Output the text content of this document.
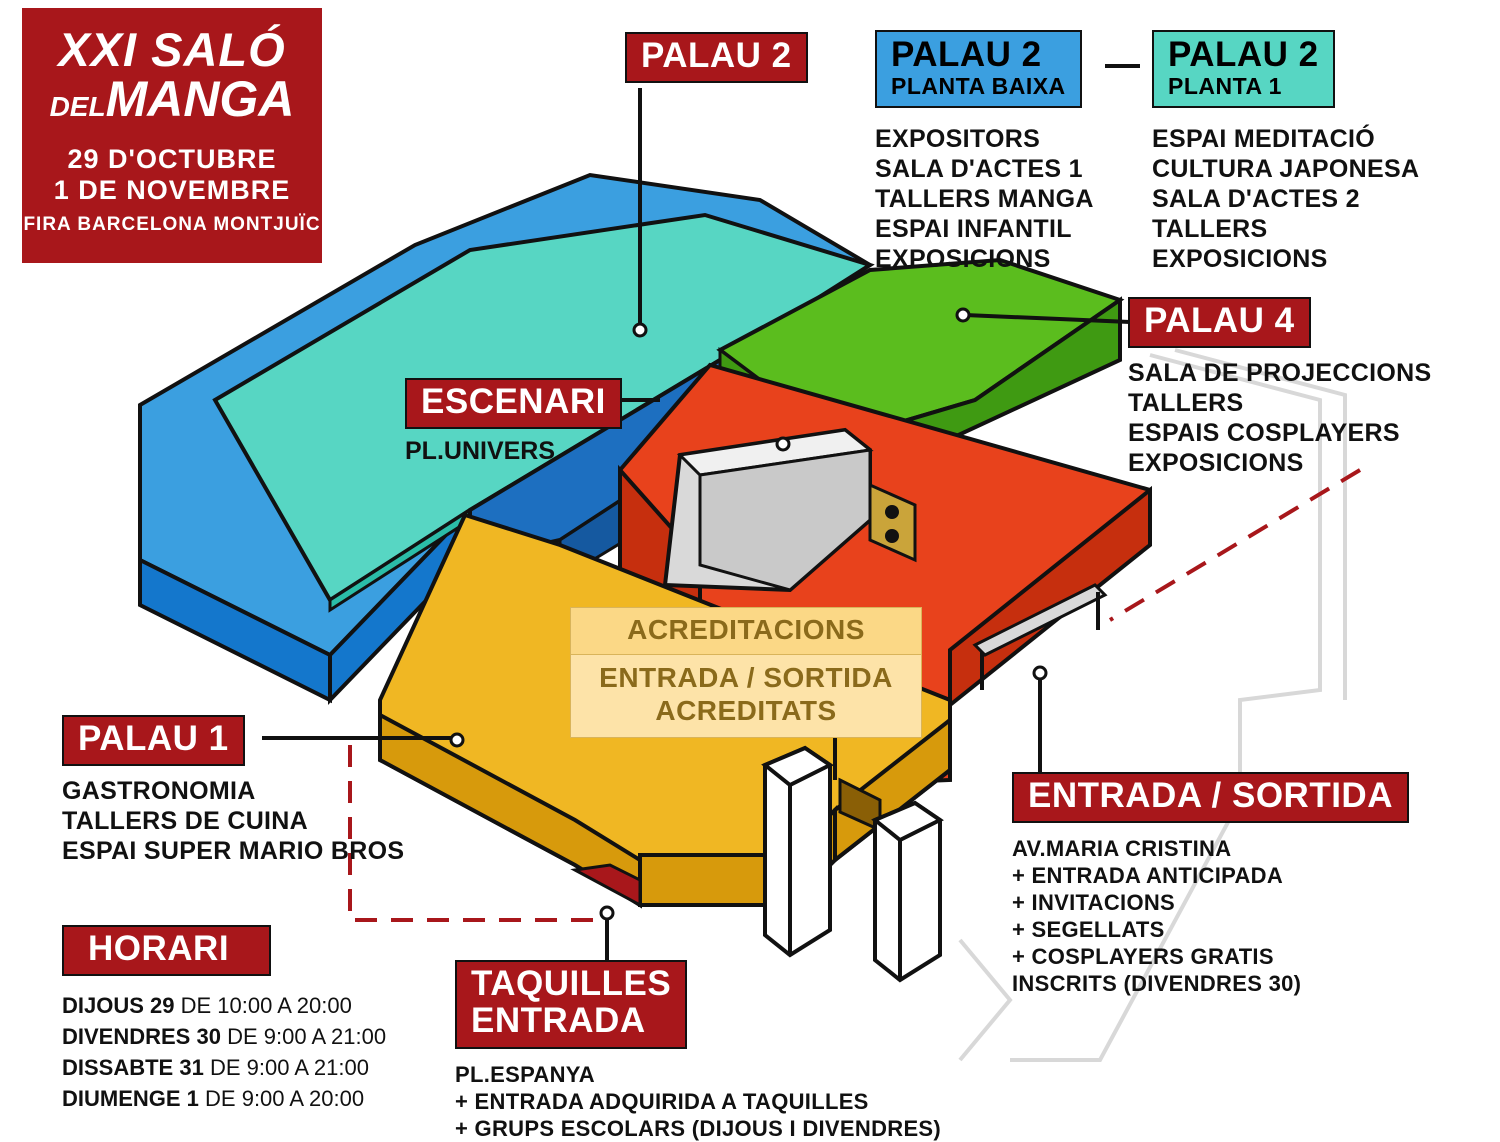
XXI SALÓ
DELMANGA
29 D'OCTUBRE
1 DE NOVEMBRE
FIRA BARCELONA MONTJUÏC
PALAU 2	PALAU 2
PLANTA BAIXA
EXPOSITORS
SALA D'ACTES 1
TALLERS MANGA
ESPAI INFANTIL
EXPOSICIONS
PALAU 2
PLANTA 1
ESPAI MEDITACIÓ
CULTURA JAPONESA
SALA D'ACTES 2
TALLERS
EXPOSICIONS
PALAU 4
SALA DE PROJECCIONS
TALLERS
ESPAIS COSPLAYERS
EXPOSICIONS
ESCENARI
PL.UNIVERS
ACREDITACIONS
ENTRADA / SORTIDA
ACREDITATS
PALAU 1
GASTRONOMIA
TALLERS DE CUINA
ESPAI SUPER MARIO BROS
ENTRADA / SORTIDA
AV.MARIA CRISTINA
+ ENTRADA ANTICIPADA
+ INVITACIONS
+ SEGELLATS
+ COSPLAYERS GRATIS
INSCRITS (DIVENDRES 30)
TAQUILLES
ENTRADA
PL.ESPANYA
+ ENTRADA ADQUIRIDA A TAQUILLES
+ GRUPS ESCOLARS (DIJOUS I DIVENDRES)
HORARI
DIJOUS 29 DE 10:00 A 20:00
DIVENDRES 30 DE 9:00 A 21:00
DISSABTE 31 DE 9:00 A 21:00
DIUMENGE 1 DE 9:00 A 20:00
